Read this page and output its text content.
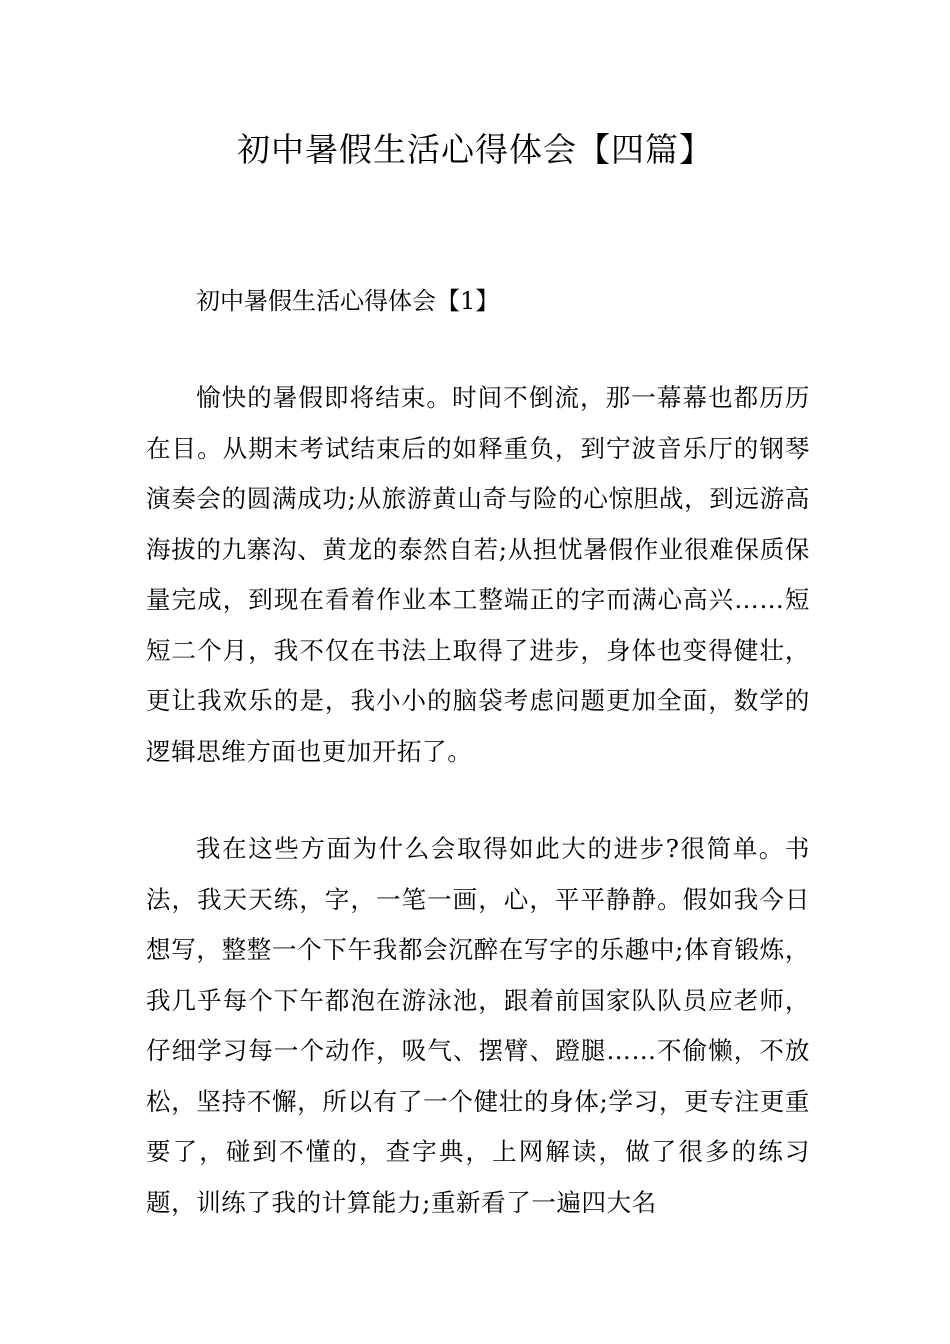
初中暑假生活心得体会【四篇】
初中暑假生活心得体会【1】

愉快的暑假即将结束。时间不倒流，那一幕幕也都历历在目。从期末考试结束后的如释重负，到宁波音乐厅的钢琴演奏会的圆满成功;从旅游黄山奇与险的心惊胆战，到远游高海拔的九寨沟、黄龙的泰然自若;从担忧暑假作业很难保质保量完成，到现在看着作业本工整端正的字而满心高兴……短短二个月，我不仅在书法上取得了进步，身体也变得健壮，更让我欢乐的是，我小小的脑袋考虑问题更加全面，数学的逻辑思维方面也更加开拓了。

我在这些方面为什么会取得如此大的进步?很简单。书法，我天天练，字，一笔一画，心，平平静静。假如我今日想写，整整一个下午我都会沉醉在写字的乐趣中;体育锻炼，我几乎每个下午都泡在游泳池，跟着前国家队队员应老师，仔细学习每一个动作，吸气、摆臂、蹬腿……不偷懒，不放松，坚持不懈，所以有了一个健壮的身体;学习，更专注更重要了，碰到不懂的，查字典，上网解读，做了很多的练习题，训练了我的计算能力;重新看了一遍四大名
